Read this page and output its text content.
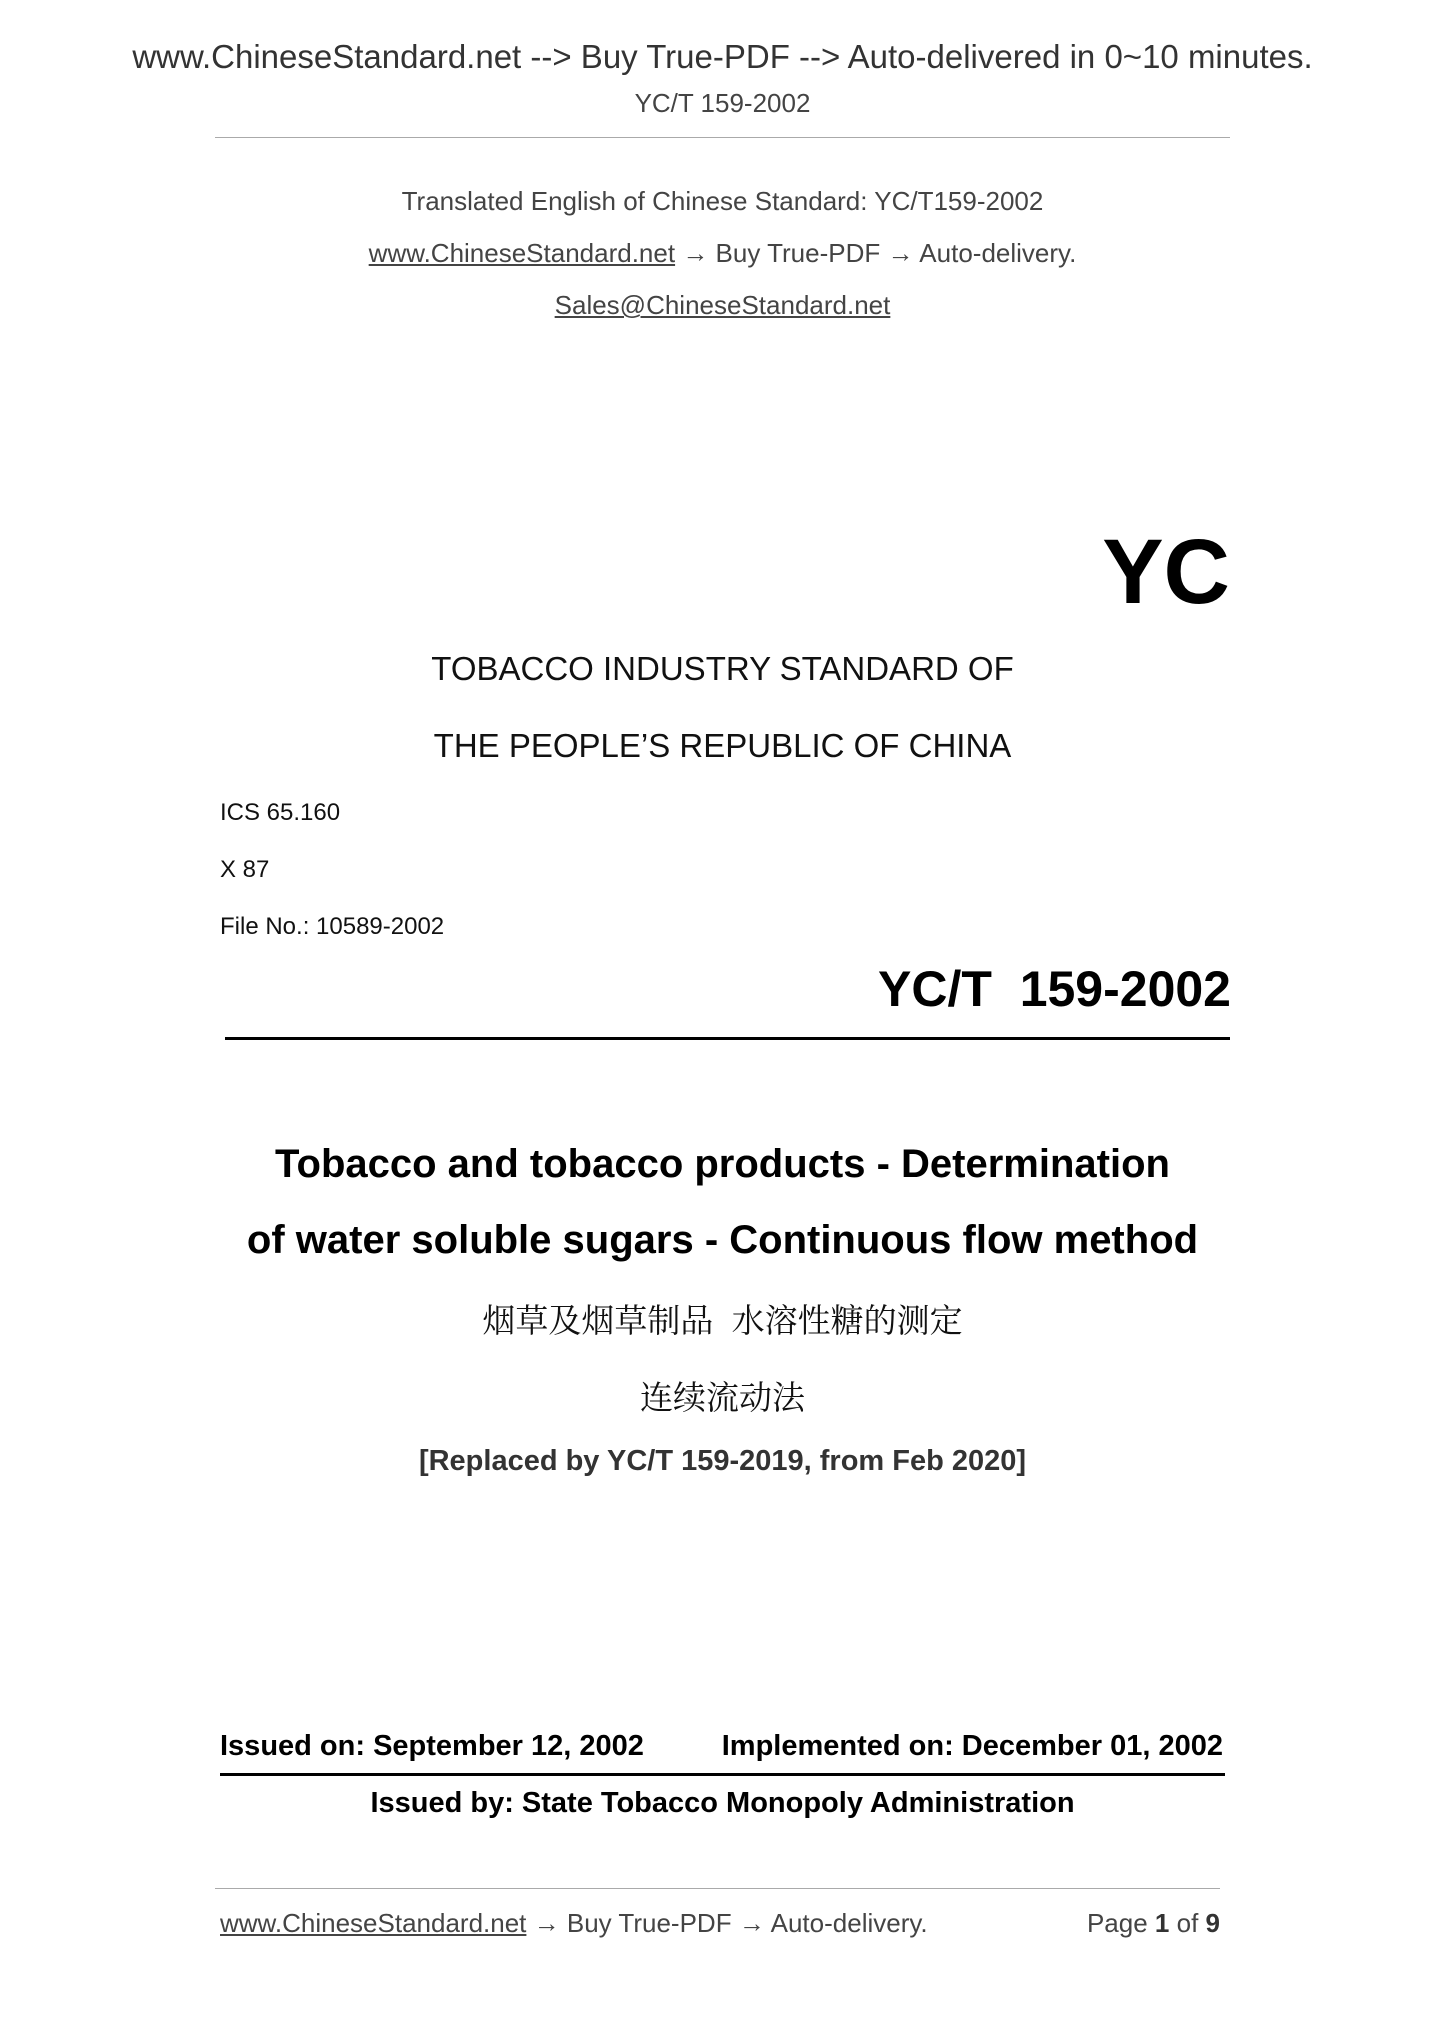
www.ChineseStandard.net --> Buy True-PDF --> Auto-delivered in 0~10 minutes.
YC/T 159-2002
Translated English of Chinese Standard: YC/T159-2002
www.ChineseStandard.net → Buy True-PDF → Auto-delivery.
Sales@ChineseStandard.net
YC
TOBACCO INDUSTRY STANDARD OF
THE PEOPLE’S REPUBLIC OF CHINA
ICS 65.160
X 87
File No.: 10589-2002
YC/T  159-2002
Tobacco and tobacco products - Determination
of water soluble sugars - Continuous flow method
烟草及烟草制品  水溶性糖的测定
连续流动法
[Replaced by YC/T 159-2019, from Feb 2020]
Issued on: September 12, 2002	Implemented on: December 01, 2002
Issued by: State Tobacco Monopoly Administration
www.ChineseStandard.net → Buy True-PDF → Auto-delivery.	Page 1 of 9
